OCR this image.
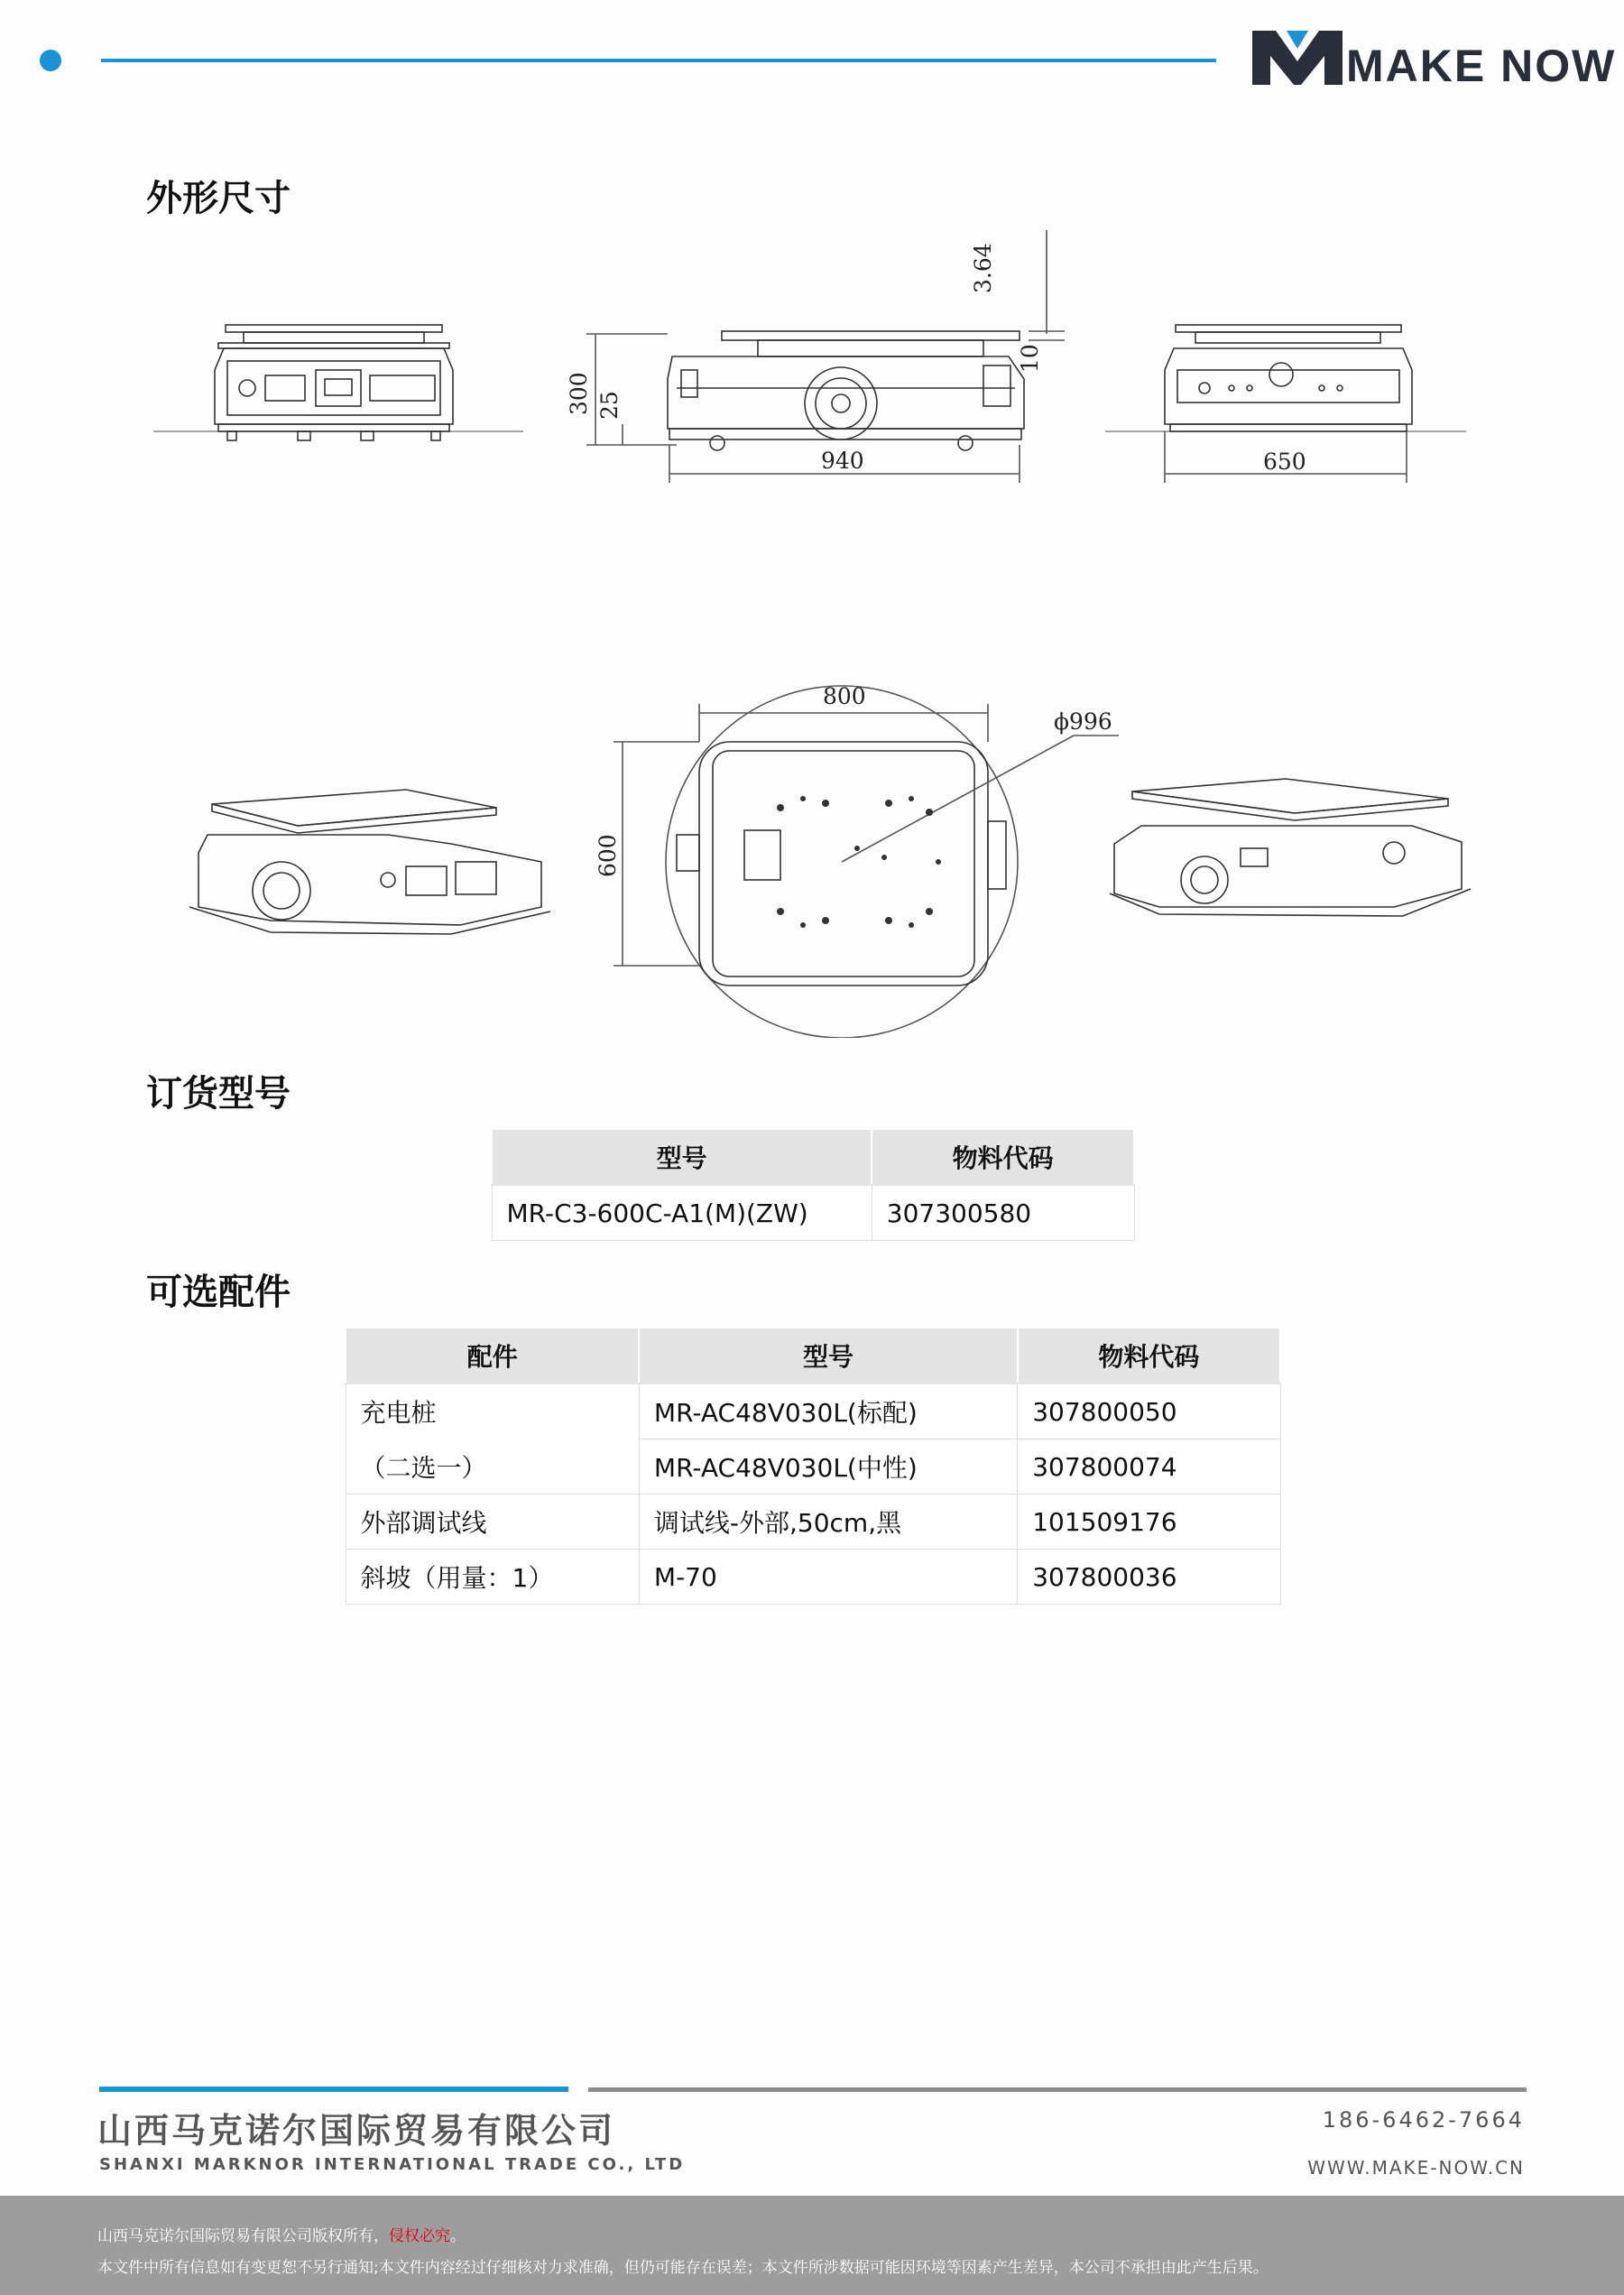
MAKE NOW
外形尺寸
3.64
10
300 25
940	650
800
600
ϕ996
订货型号
型号	物料代码
MR-C3-600C-A1(M)(ZW)	307300580
可选配件
配件	型号	物料代码
充电桩	MR-AC48V030L(标配)	307800050
（二选一）	MR-AC48V030L(中性)	307800074
外部调试线	调试线-外部,50cm,黑	101509176
斜坡（用量：1）	M-70	307800036
山西马克诺尔国际贸易有限公司
SHANXI MARKNOR INTERNATIONAL TRADE CO., LTD
186-6462-7664
WWW.MAKE-NOW.CN
山西马克诺尔国际贸易有限公司版权所有，侵权必究。
本文件中所有信息如有变更恕不另行通知;本文件内容经过仔细核对力求准确，但仍可能存在误差；本文件所涉数据可能因环境等因素产生差异，本公司不承担由此产生后果。
